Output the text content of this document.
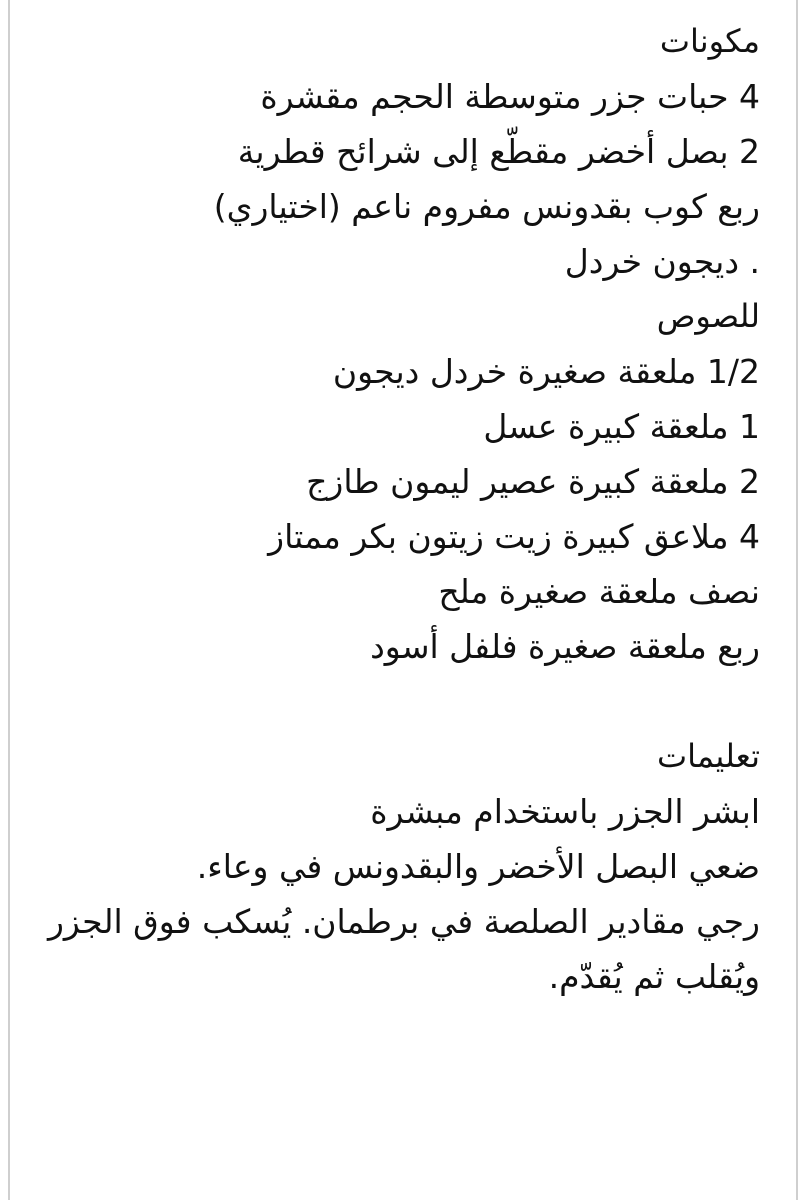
مكونات
4 حبات جزر متوسطة الحجم مقشرة
2 بصل أخضر مقطّع إلى شرائح قطرية
ربع كوب بقدونس مفروم ناعم (اختياري)
. ديجون خردل
للصوص
1/2 ملعقة صغيرة خردل ديجون
1 ملعقة كبيرة عسل
2 ملعقة كبيرة عصير ليمون طازج
4 ملاعق كبيرة زيت زيتون بكر ممتاز
نصف ملعقة صغيرة ملح
ربع ملعقة صغيرة فلفل أسود
تعليمات
ابشر الجزر باستخدام مبشرة
ضعي البصل الأخضر والبقدونس في وعاء.
رجي مقادير الصلصة في برطمان. يُسكب فوق الجزر
ويُقلب ثم يُقدّم.
